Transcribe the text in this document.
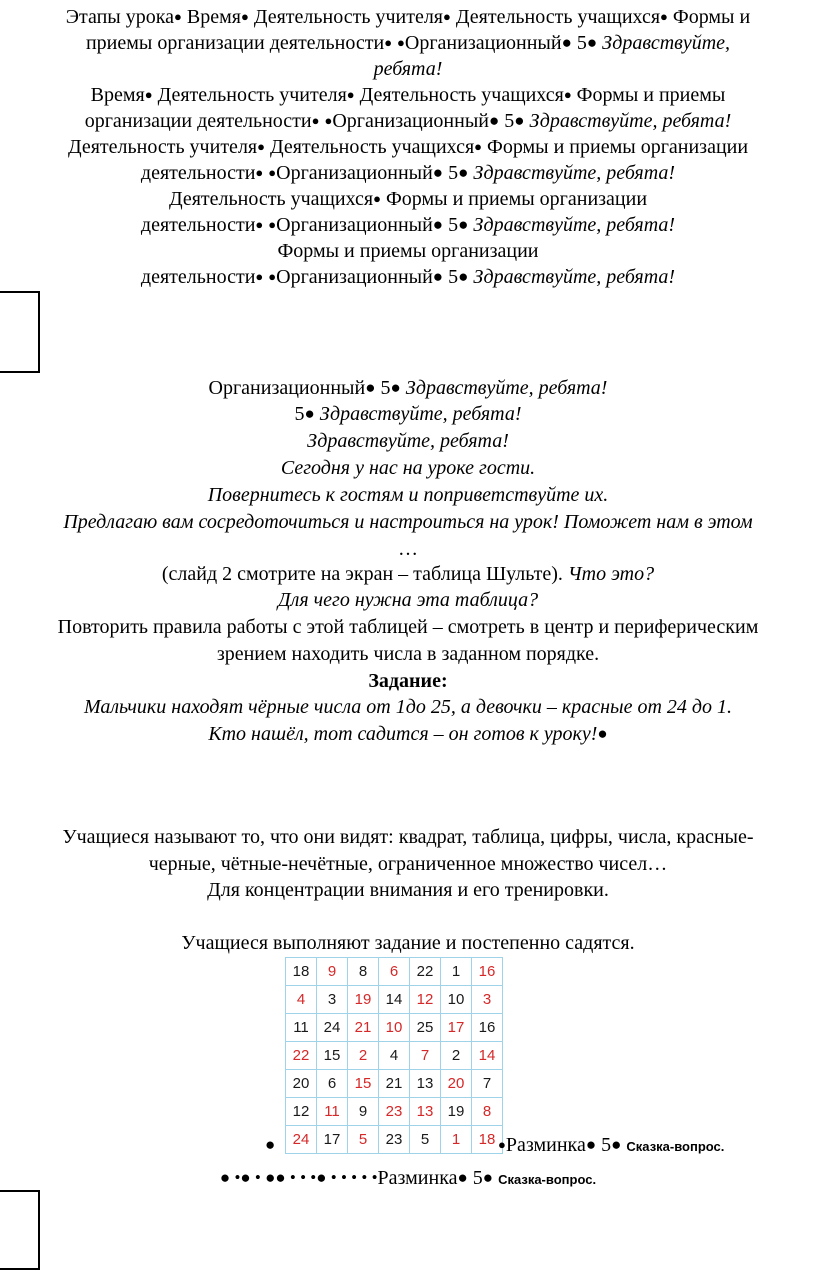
Этапы урока● Время● Деятельность учителя● Деятельность учащихся● Формы и
приемы организации деятельности● ●Организационный● 5● Здравствуйте,
ребята!
Время● Деятельность учителя● Деятельность учащихся● Формы и приемы
организации деятельности● ●Организационный● 5● Здравствуйте, ребята!
Деятельность учителя● Деятельность учащихся● Формы и приемы организации
деятельности● ●Организационный● 5● Здравствуйте, ребята!
Деятельность учащихся● Формы и приемы организации
деятельности● ●Организационный● 5● Здравствуйте, ребята!
Формы и приемы организации
деятельности● ●Организационный● 5● Здравствуйте, ребята!
Организационный● 5● Здравствуйте, ребята!
5● Здравствуйте, ребята!
Здравствуйте, ребята!
Сегодня у нас на уроке гости.
Повернитесь к гостям и поприветствуйте их.
Предлагаю вам сосредоточиться и настроиться на урок! Поможет нам в этом
…
(слайд 2 смотрите на экран – таблица Шульте). Что это?
Для чего нужна эта таблица?
Повторить правила работы с этой таблицей – смотреть в центр и периферическим
зрением находить числа в заданном порядке.
Задание:
Мальчики находят чёрные числа от 1до 25, а девочки – красные от 24 до 1.
Кто нашёл, тот садится – он готов к уроку!●
Учащиеся называют то, что они видят: квадрат, таблица, цифры, числа, красные-
черные, чётные-нечётные, ограниченное множество чисел…
Для концентрации внимания и его тренировки.
Учащиеся выполняют задание и постепенно садятся.
18	9	8	6	22	1	16
4	3	19	14	12	10	3
11	24	21	10	25	17	16
22	15	2	4	7	2	14
20	6	15	21	13	20	7
12	11	9	23	13	19	8
24	17	5	23	5	1	18
●	●Разминка● 5● Сказка-вопрос.
● •● • ●● • • •● • • • • •Разминка● 5● Сказка-вопрос.
